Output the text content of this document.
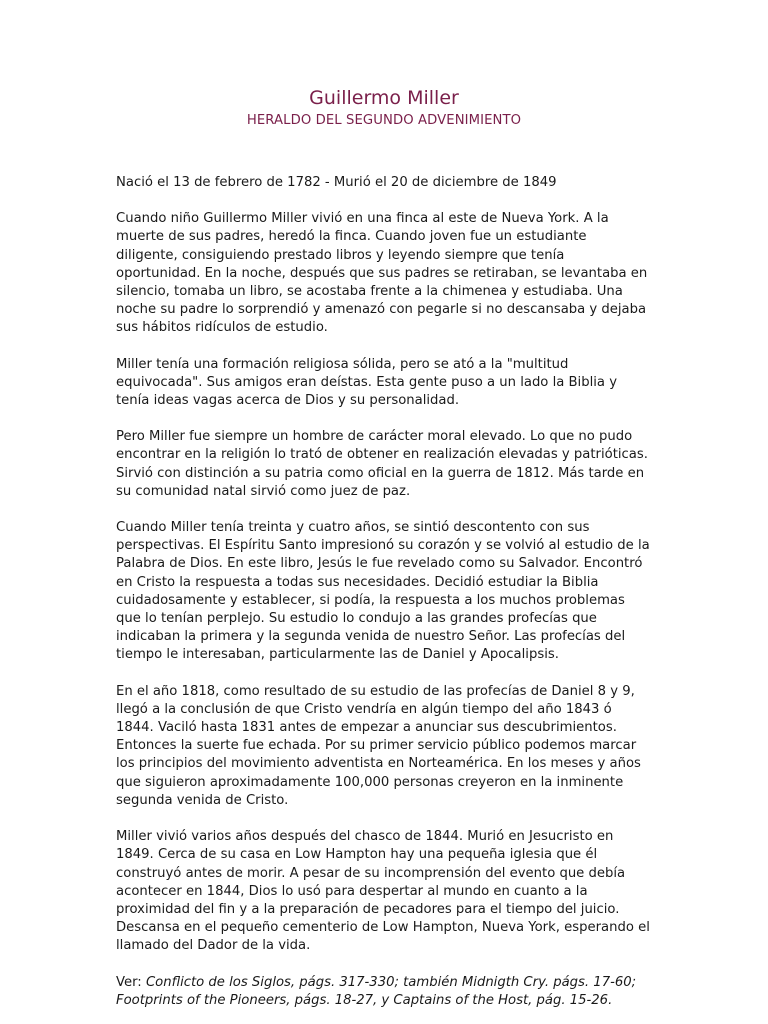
Guillermo Miller
HERALDO DEL SEGUNDO ADVENIMIENTO

Nació el 13 de febrero de 1782 - Murió el 20 de diciembre de 1849

Cuando niño Guillermo Miller vivió en una finca al este de Nueva York. A la muerte de sus padres, heredó la finca. Cuando joven fue un estudiante diligente, consiguiendo prestado libros y leyendo siempre que tenía oportunidad. En la noche, después que sus padres se retiraban, se levantaba en silencio, tomaba un libro, se acostaba frente a la chimenea y estudiaba. Una noche su padre lo sorprendió y amenazó con pegarle si no descansaba y dejaba sus hábitos ridículos de estudio.

Miller tenía una formación religiosa sólida, pero se ató a la "multitud equivocada". Sus amigos eran deístas. Esta gente puso a un lado la Biblia y tenía ideas vagas acerca de Dios y su personalidad.

Pero Miller fue siempre un hombre de carácter moral elevado. Lo que no pudo encontrar en la religión lo trató de obtener en realización elevadas y patrióticas. Sirvió con distinción a su patria como oficial en la guerra de 1812. Más tarde en su comunidad natal sirvió como juez de paz.

Cuando Miller tenía treinta y cuatro años, se sintió descontento con sus perspectivas. El Espíritu Santo impresionó su corazón y se volvió al estudio de la Palabra de Dios. En este libro, Jesús le fue revelado como su Salvador. Encontró en Cristo la respuesta a todas sus necesidades. Decidió estudiar la Biblia cuidadosamente y establecer, si podía, la respuesta a los muchos problemas que lo tenían perplejo. Su estudio lo condujo a las grandes profecías que indicaban la primera y la segunda venida de nuestro Señor. Las profecías del tiempo le interesaban, particularmente las de Daniel y Apocalipsis.

En el año 1818, como resultado de su estudio de las profecías de Daniel 8 y 9, llegó a la conclusión de que Cristo vendría en algún tiempo del año 1843 ó 1844. Vaciló hasta 1831 antes de empezar a anunciar sus descubrimientos. Entonces la suerte fue echada. Por su primer servicio público podemos marcar los principios del movimiento adventista en Norteamérica. En los meses y años que siguieron aproximadamente 100,000 personas creyeron en la inminente segunda venida de Cristo.

Miller vivió varios años después del chasco de 1844. Murió en Jesucristo en 1849. Cerca de su casa en Low Hampton hay una pequeña iglesia que él construyó antes de morir. A pesar de su incomprensión del evento que debía acontecer en 1844, Dios lo usó para despertar al mundo en cuanto a la proximidad del fin y a la preparación de pecadores para el tiempo del juicio. Descansa en el pequeño cementerio de Low Hampton, Nueva York, esperando el llamado del Dador de la vida.

Ver: Conflicto de los Siglos, págs. 317-330; también Midnigth Cry. págs. 17-60; Footprints of the Pioneers, págs. 18-27, y Captains of the Host, pág. 15-26.
